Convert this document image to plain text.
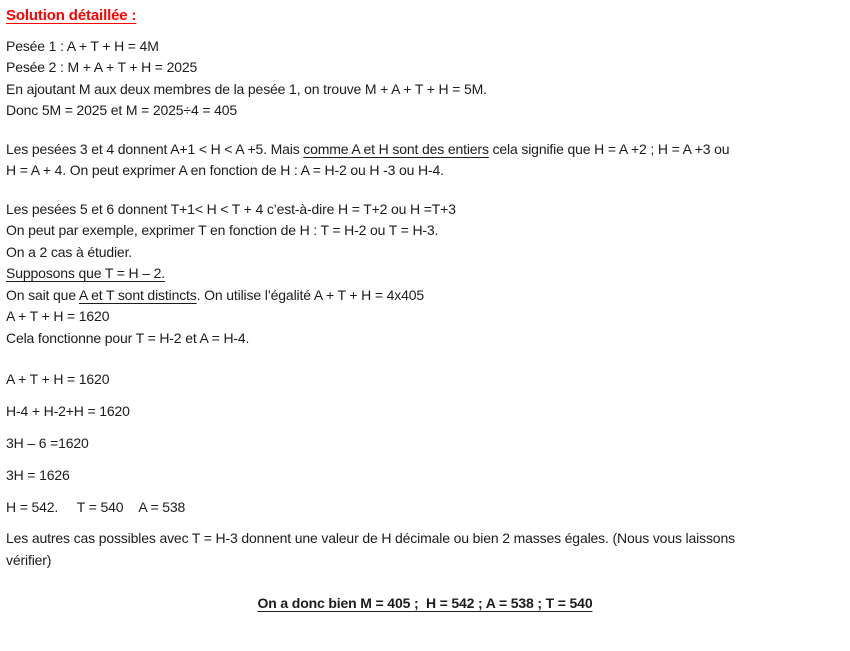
Solution détaillée :

Pesée 1 : A + T + H = 4M
Pesée 2 : M + A + T + H = 2025
En ajoutant M aux deux membres de la pesée 1, on trouve M + A + T + H = 5M.
Donc 5M = 2025 et M = 2025÷4 = 405

Les pesées 3 et 4 donnent A+1 < H < A +5. Mais comme A et H sont des entiers cela signifie que H = A +2 ; H = A +3 ou
H = A + 4. On peut exprimer A en fonction de H : A = H-2 ou H -3 ou H-4.

Les pesées 5 et 6 donnent T+1< H < T + 4 c’est-à-dire H = T+2 ou H =T+3
On peut par exemple, exprimer T en fonction de H : T = H-2 ou T = H-3.
On a 2 cas à étudier.
Supposons que T = H – 2.
On sait que A et T sont distincts. On utilise l’égalité A + T + H = 4x405
A + T + H = 1620
Cela fonctionne pour T = H-2 et A = H-4.

A + T + H = 1620

H-4 + H-2+H = 1620

3H – 6 =1620

3H = 1626

H = 542.     T = 540    A = 538

Les autres cas possibles avec T = H-3 donnent une valeur de H décimale ou bien 2 masses égales. (Nous vous laissons
vérifier)

On a donc bien M = 405 ;  H = 542 ; A = 538 ; T = 540
